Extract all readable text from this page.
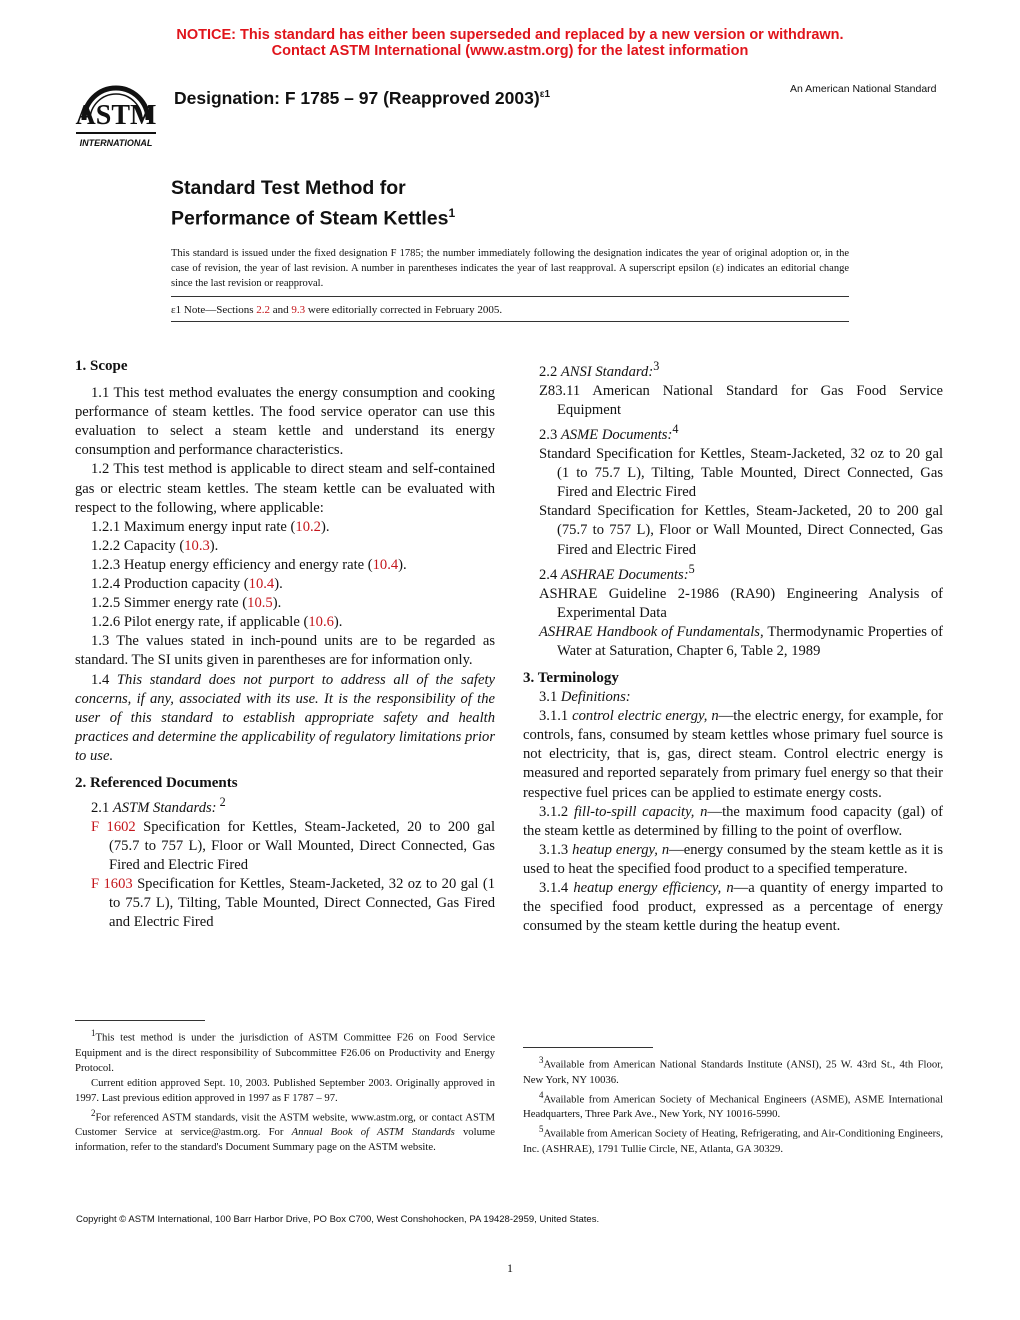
NOTICE: This standard has either been superseded and replaced by a new version or withdrawn.
Contact ASTM International (www.astm.org) for the latest information
ASTM
INTERNATIONAL
Designation: F 1785 – 97 (Reapproved 2003)$^{\varepsilon 1}$	An American National Standard
Standard Test Method for
Performance of Steam Kettles$^1$
This standard is issued under the fixed designation F 1785; the number immediately following the designation indicates the year of original adoption or, in the case of revision, the year of last revision. A number in parentheses indicates the year of last reapproval. A superscript epsilon (ε) indicates an editorial change since the last revision or reapproval.
ε1 Note—Sections 2.2 and 9.3 were editorially corrected in February 2005.

1. Scope

1.1 This test method evaluates the energy consumption and cooking performance of steam kettles. The food service operator can use this evaluation to select a steam kettle and understand its energy consumption and performance characteristics.

1.2 This test method is applicable to direct steam and self-contained gas or electric steam kettles. The steam kettle can be evaluated with respect to the following, where applicable:

1.2.1 Maximum energy input rate (10.2).

1.2.2 Capacity (10.3).

1.2.3 Heatup energy efficiency and energy rate (10.4).

1.2.4 Production capacity (10.4).

1.2.5 Simmer energy rate (10.5).

1.2.6 Pilot energy rate, if applicable (10.6).

1.3 The values stated in inch-pound units are to be regarded as standard. The SI units given in parentheses are for information only.

1.4 This standard does not purport to address all of the safety concerns, if any, associated with its use. It is the responsibility of the user of this standard to establish appropriate safety and health practices and determine the applicability of regulatory limitations prior to use.

2. Referenced Documents

2.1 ASTM Standards: $^2$

F 1602 Specification for Kettles, Steam-Jacketed, 20 to 200 gal (75.7 to 757 L), Floor or Wall Mounted, Direct Connected, Gas Fired and Electric Fired

F 1603 Specification for Kettles, Steam-Jacketed, 32 oz to 20 gal (1 to 75.7 L), Tilting, Table Mounted, Direct Connected, Gas Fired and Electric Fired

2.2 ANSI Standard:$^3$

Z83.11 American National Standard for Gas Food Service Equipment

2.3 ASME Documents:$^4$

Standard Specification for Kettles, Steam-Jacketed, 32 oz to 20 gal (1 to 75.7 L), Tilting, Table Mounted, Direct Connected, Gas Fired and Electric Fired

Standard Specification for Kettles, Steam-Jacketed, 20 to 200 gal (75.7 to 757 L), Floor or Wall Mounted, Direct Connected, Gas Fired and Electric Fired

2.4 ASHRAE Documents:$^5$

ASHRAE Guideline 2-1986 (RA90) Engineering Analysis of Experimental Data

ASHRAE Handbook of Fundamentals, Thermodynamic Properties of Water at Saturation, Chapter 6, Table 2, 1989

3. Terminology

3.1 Definitions:

3.1.1 control electric energy, n—the electric energy, for example, for controls, fans, consumed by steam kettles whose primary fuel source is not electricity, that is, gas, direct steam. Control electric energy is measured and reported separately from primary fuel energy so that their respective fuel prices can be applied to estimate energy costs.

3.1.2 fill-to-spill capacity, n—the maximum food capacity (gal) of the steam kettle as determined by filling to the point of overflow.

3.1.3 heatup energy, n—energy consumed by the steam kettle as it is used to heat the specified food product to a specified temperature.

3.1.4 heatup energy efficiency, n—a quantity of energy imparted to the specified food product, expressed as a percentage of energy consumed by the steam kettle during the heatup event.

$^1$This test method is under the jurisdiction of ASTM Committee F26 on Food Service Equipment and is the direct responsibility of Subcommittee F26.06 on Productivity and Energy Protocol.

Current edition approved Sept. 10, 2003. Published September 2003. Originally approved in 1997. Last previous edition approved in 1997 as F 1787 – 97.

$^2$For referenced ASTM standards, visit the ASTM website, www.astm.org, or contact ASTM Customer Service at service@astm.org. For Annual Book of ASTM Standards volume information, refer to the standard's Document Summary page on the ASTM website.

$^3$Available from American National Standards Institute (ANSI), 25 W. 43rd St., 4th Floor, New York, NY 10036.

$^4$Available from American Society of Mechanical Engineers (ASME), ASME International Headquarters, Three Park Ave., New York, NY 10016-5990.

$^5$Available from American Society of Heating, Refrigerating, and Air-Conditioning Engineers, Inc. (ASHRAE), 1791 Tullie Circle, NE, Atlanta, GA 30329.

Copyright © ASTM International, 100 Barr Harbor Drive, PO Box C700, West Conshohocken, PA 19428-2959, United States.
1
